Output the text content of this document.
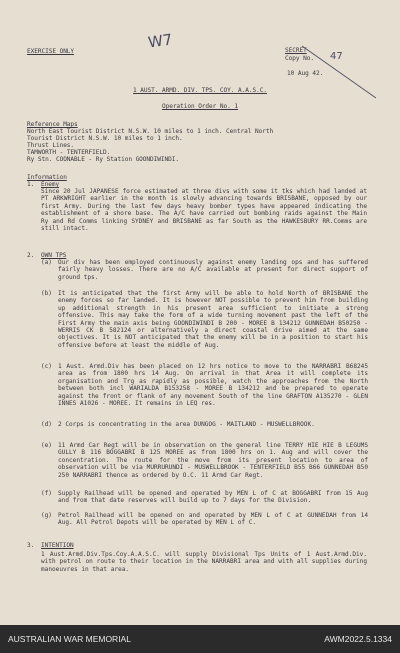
EXERCISE ONLY	W7	SECRET
Copy No. 47
10 Aug 42.
1 AUST. ARMD. DIV. TPS. COY. A.A.S.C.
Operation Order No. 1
Reference Maps
North East Tourist District N.S.W. 10 miles to 1 inch. Central North
Tourist District N.S.W. 10 miles to 1 inch.
Thrust Lines.
TAMWORTH - TENTERFIELD.
Ry Stn. COONABLE - Ry Station GOONDIWINDI.
Information
1. Enemy
Since 20 Jul JAPANESE force estimated at three divs with some it tks which had landed at PT ARKWRIGHT earlier in the month is slowly advancing towards BRISBANE, opposed by our first Army. During the last few days heavy bomber types have appeared indicating the establishment of a shore base. The A/C have carried out bombing raids against the Main Ry and Rd Comms linking SYDNEY and BRISBANE as far South as the HAWKESBURY RR.Comms are still intact.
2. OWN TPS
(a) Our div has been employed continuously against enemy landing ops and has suffered fairly heavy losses. There are no A/C available at present for direct support of ground tps.
(b) It is anticipated that the first Army will be able to hold North of BRISBANE the enemy forces so far landed. It is however NOT possible to prevent him from building up additional strength in his present area sufficient to initiate a strong offensive. This may take the form of a wide turning movement past the left of the First Army the main axis being GOONDIWINDI B 200 - MOREE B 134212 GUNNEDAH B50250 - WERRIS CK B 582124 or alternatively a direct coastal drive aimed at the same objectives. It is NOT anticipated that the enemy will be in a position to start his offensive before at least the middle of Aug.
(c) 1 Aust. Armd.Div has been placed on 12 hrs notice to move to the NARRABRI B68245 area as from 1800 hrs 14 Aug. On arrival in that Area it will complete its organisation and Trg as rapidly as possible, watch the approaches from the North between both incl WARIALDA B153258 - MOREE B 134212 and be prepared to operate against the front or flank of any movement South of the line GRAFTON A135270 - GLEN INNES A1026 - MOREE. It remains in LEQ res.
(d) 2 Corps is concentrating in the area DUNGOG - MAITLAND - MUSWELLBROOK.
(e) 11 Armd Car Regt will be in observation on the general line TERRY HIE HIE B LEGUMS GULLY B 116 BOGGABRI B 125 MOREE as from 1800 hrs on 1. Aug and will cover the concentration. The route for the move from its present location to area of observation will be via MURRURUNDI - MUSWELLBROOK - TENTERFIELD B55 B66 GUNNEDAH B50 250 NARRABRI thence as ordered by O.C. 11 Armd Car Regt.
(f) Supply Railhead will be opened and operated by MEN L of C at BOGGABRI from 15 Aug and from that date reserves will build up to 7 days for the Division.
(g) Petrol Railhead will be opened on and operated by MEN L of C at GUNNEDAH from 14 Aug. All Petrol Depots will be operated by MEN L of C.
3. INTENTION
1 Aust.Armd.Div.Tps.Coy.A.A.S.C. will supply Divisional Tps Units of 1 Aust.Armd.Div. with petrol on route to their location in the NARRABRI area and with all supplies during manoeuvres in that area.
AUSTRALIAN WAR MEMORIAL	AWM2022.5.1334
